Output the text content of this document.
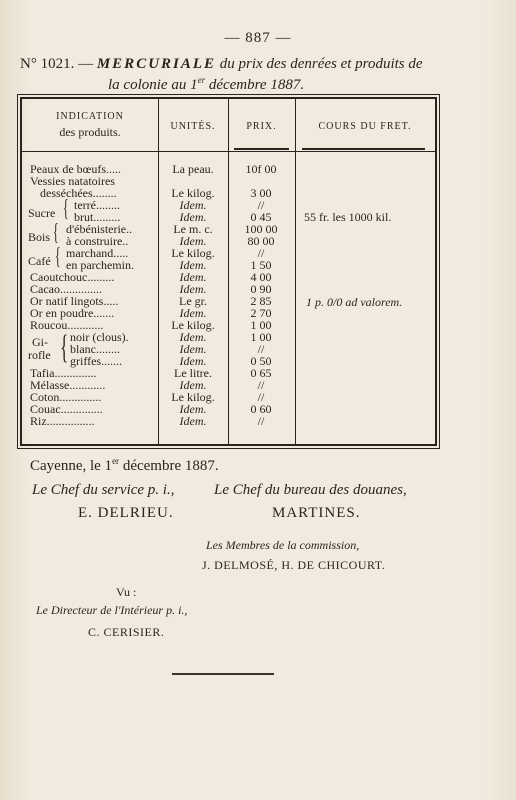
— 887 —
N° 1021. — MERCURIALE du prix des denrées et produits de
la colonie au 1er décembre 1887.
INDICATION
des produits.	UNITÉS.	PRIX.	COURS DU FRET.
Peaux de bœufs.....	La peau.	10f 00
Vessies natatoires
desséchées........	Le kilog.	3 00
Sucre { terré........	Idem.	//
brut.........	Idem.	0 45	55 fr. les 1000 kil.
Bois { d'ébénisterie..	Le m. c.	100 00
à construire..	Idem.	80 00
Café { marchand.....	Le kilog.	//
en parchemin.	Idem.	1 50
Caoutchouc.........	Idem.	4 00
Cacao..............	Idem.	0 90
Or natif lingots.....	Le gr.	2 85	1 p. 0/0 ad valorem.
Or en poudre.......	Idem.	2 70
Roucou............	Le kilog.	1 00
Gi-
rofle { noir (clous).	Idem.	1 00
blanc........	Idem.	//
griffes.......	Idem.	0 50
Tafia..............	Le litre.	0 65
Mélasse............	Idem.	//
Coton..............	Le kilog.	//
Couac..............	Idem.	0 60
Riz................	Idem.	//
Cayenne, le 1er décembre 1887.
Le Chef du service p. i.,	Le Chef du bureau des douanes,
E. DELRIEU.	MARTINES.
Les Membres de la commission,
J. DELMOSÉ, H. DE CHICOURT.
Vu :
Le Directeur de l'Intérieur p. i.,
C. CERISIER.
